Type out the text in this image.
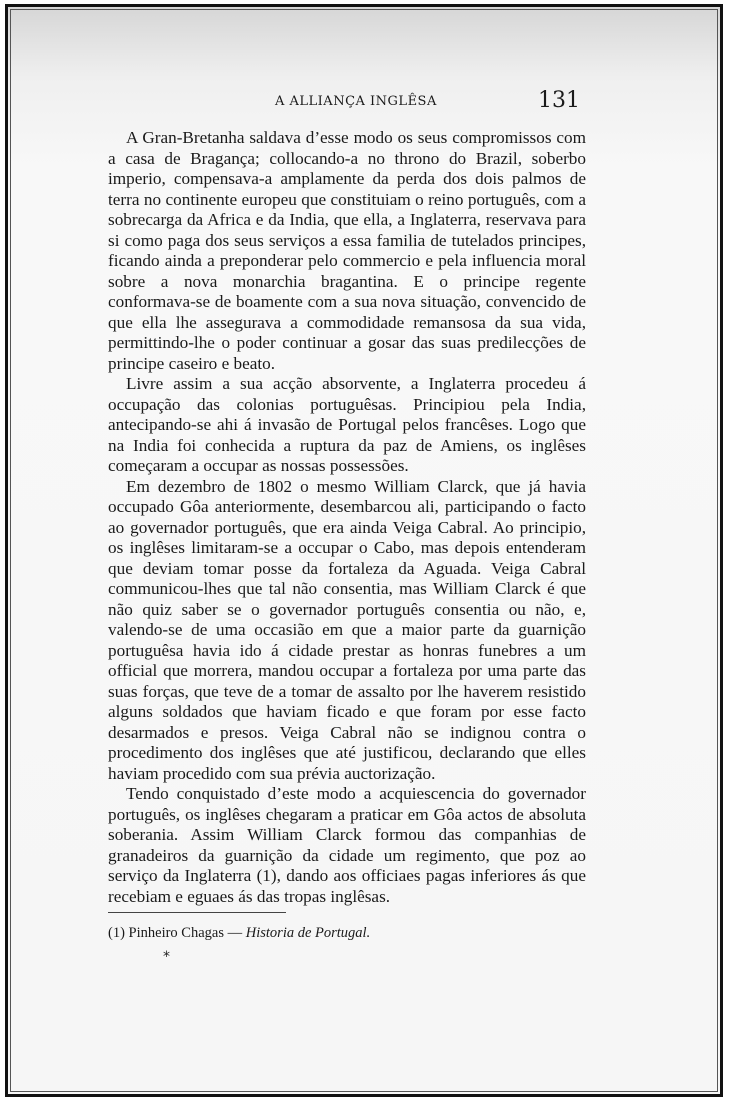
A ALLIANÇA INGLÊSA	131

A Gran-Bretanha saldava d’esse modo os seus compromissos com a casa de Bragança; collocando-a no throno do Brazil, soberbo imperio, compensava-a amplamente da perda dos dois palmos de terra no continente europeu que constituiam o reino português, com a sobrecarga da Africa e da India, que ella, a Inglaterra, reservava para si como paga dos seus serviços a essa familia de tutelados principes, ficando ainda a preponderar pelo commercio e pela influencia moral sobre a nova monarchia bragantina. E o principe regente conformava-se de boamente com a sua nova situação, convencido de que ella lhe assegurava a commodidade remansosa da sua vida, permittindo-lhe o poder continuar a gosar das suas predilecções de principe caseiro e beato.

Livre assim a sua acção absorvente, a Inglaterra procedeu á occupação das colonias portuguêsas. Principiou pela India, antecipando-se ahi á invasão de Portugal pelos francêses. Logo que na India foi conhecida a ruptura da paz de Amiens, os inglêses começaram a occupar as nossas possessões.

Em dezembro de 1802 o mesmo William Clarck, que já havia occupado Gôa anteriormente, desembarcou ali, participando o facto ao governador português, que era ainda Veiga Cabral. Ao principio, os inglêses limitaram-se a occupar o Cabo, mas depois entenderam que deviam tomar posse da fortaleza da Aguada. Veiga Cabral communicou-lhes que tal não consentia, mas William Clarck é que não quiz saber se o governador português consentia ou não, e, valendo-se de uma occasião em que a maior parte da guarnição portuguêsa havia ido á cidade prestar as honras funebres a um official que morrera, mandou occupar a fortaleza por uma parte das suas forças, que teve de a tomar de assalto por lhe haverem resistido alguns soldados que haviam ficado e que foram por esse facto desarmados e presos. Veiga Cabral não se indignou contra o procedimento dos inglêses que até justificou, declarando que elles haviam procedido com sua prévia auctorização.

Tendo conquistado d’este modo a acquiescencia do governador português, os inglêses chegaram a praticar em Gôa actos de absoluta soberania. Assim William Clarck formou das companhias de granadeiros da guarnição da cidade um regimento, que poz ao serviço da Inglaterra (1), dando aos officiaes pagas inferiores ás que recebiam e eguaes ás das tropas inglêsas.

(1) Pinheiro Chagas — Historia de Portugal.
*
